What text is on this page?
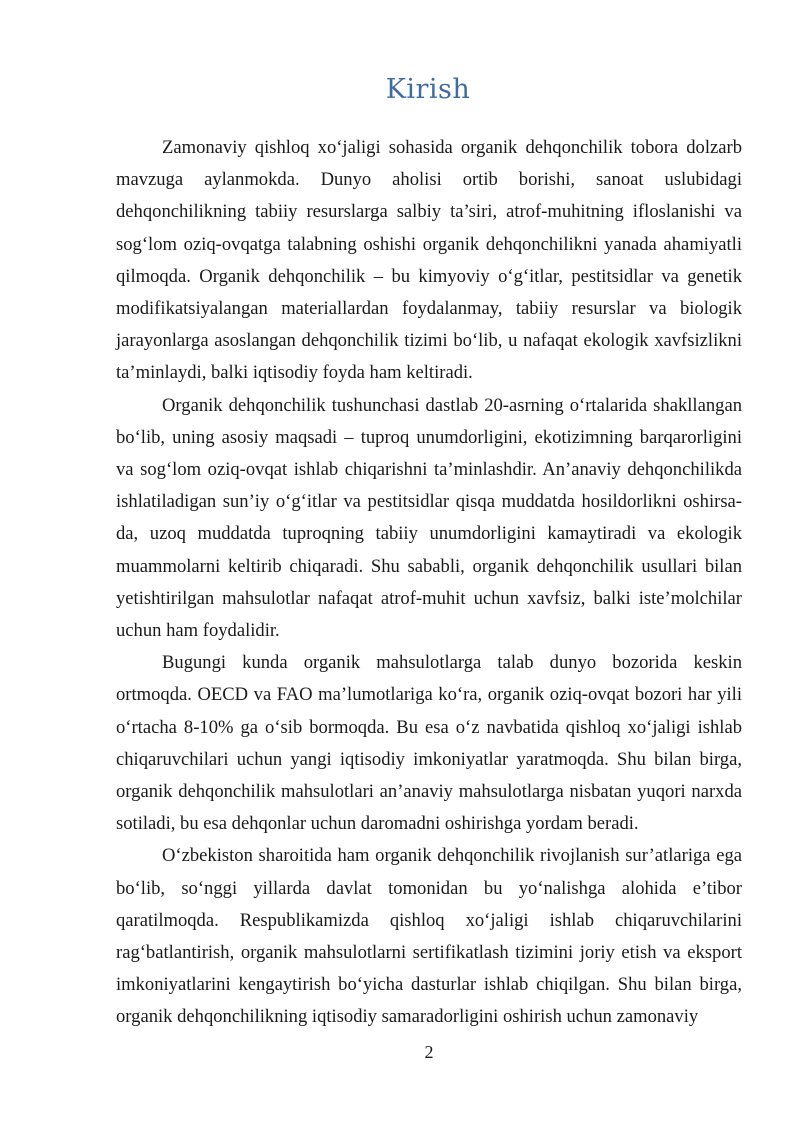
Kirish

Zamonaviy qishloq xo‘jaligi sohasida organik dehqonchilik tobora dolzarb mavzuga aylanmokda. Dunyo aholisi ortib borishi, sanoat uslubidagi dehqonchilikning tabiiy resurslarga salbiy ta’siri, atrof-muhitning ifloslanishi va sog‘lom oziq-ovqatga talabning oshishi organik dehqonchilikni yanada ahamiyatli qilmoqda. Organik dehqonchilik – bu kimyoviy o‘g‘itlar, pestitsidlar va genetik modifikatsiyalangan materiallardan foydalanmay, tabiiy resurslar va biologik jarayonlarga asoslangan dehqonchilik tizimi bo‘lib, u nafaqat ekologik xavfsizlikni ta’minlaydi, balki iqtisodiy foyda ham keltiradi.

Organik dehqonchilik tushunchasi dastlab 20-asrning o‘rtalarida shakllangan bo‘lib, uning asosiy maqsadi – tuproq unumdorligini, ekotizimning barqarorligini va sog‘lom oziq-ovqat ishlab chiqarishni ta’minlashdir. An’anaviy dehqonchilikda ishlatiladigan sun’iy o‘g‘itlar va pestitsidlar qisqa muddatda hosildorlikni oshirsa-da, uzoq muddatda tuproqning tabiiy unumdorligini kamaytiradi va ekologik muammolarni keltirib chiqaradi. Shu sababli, organik dehqonchilik usullari bilan yetishtirilgan mahsulotlar nafaqat atrof-muhit uchun xavfsiz, balki iste’molchilar uchun ham foydalidir.

Bugungi kunda organik mahsulotlarga talab dunyo bozorida keskin ortmoqda. OECD va FAO ma’lumotlariga ko‘ra, organik oziq-ovqat bozori har yili o‘rtacha 8-10% ga o‘sib bormoqda. Bu esa o‘z navbatida qishloq xo‘jaligi ishlab chiqaruvchilari uchun yangi iqtisodiy imkoniyatlar yaratmoqda. Shu bilan birga, organik dehqonchilik mahsulotlari an’anaviy mahsulotlarga nisbatan yuqori narxda sotiladi, bu esa dehqonlar uchun daromadni oshirishga yordam beradi.

O‘zbekiston sharoitida ham organik dehqonchilik rivojlanish sur’atlariga ega bo‘lib, so‘nggi yillarda davlat tomonidan bu yo‘nalishga alohida e’tibor qaratilmoqda. Respublikamizda qishloq xo‘jaligi ishlab chiqaruvchilarini rag‘batlantirish, organik mahsulotlarni sertifikatlash tizimini joriy etish va eksport imkoniyatlarini kengaytirish bo‘yicha dasturlar ishlab chiqilgan. Shu bilan birga, organik dehqonchilikning iqtisodiy samaradorligini oshirish uchun zamonaviy

2
